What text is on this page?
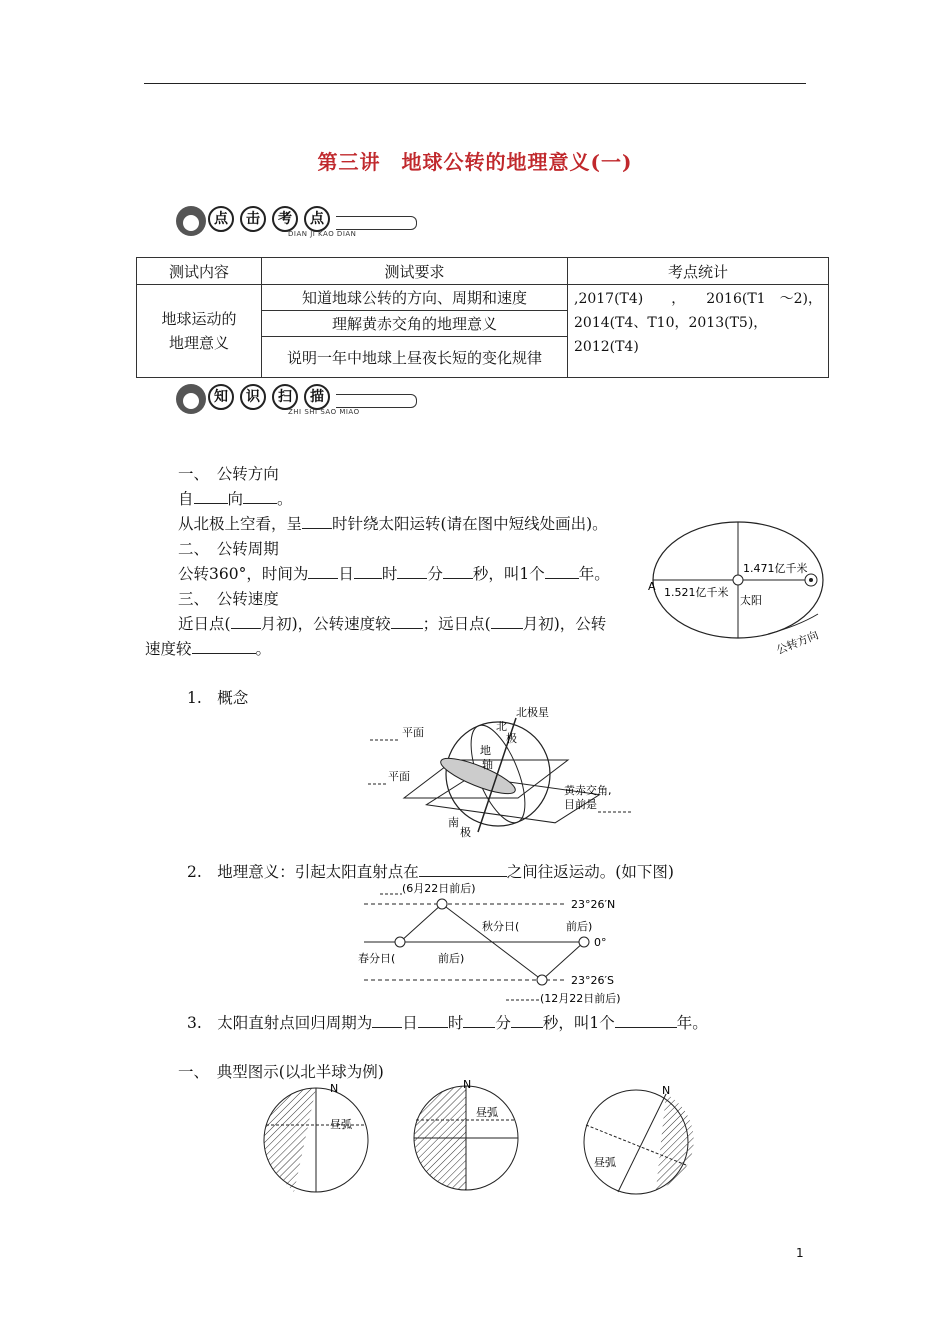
第三讲　地球公转的地理意义(一)
点	击	考	点
DIAN JI KAO DIAN
测试内容	测试要求	考点统计
地球运动的
地理意义	知道地球公转的方向、周期和速度	,2017(T4)　　，　　2016(T1　～2)，2014(T4、T10，2013(T5)，2012(T4)
	理解黄赤交角的地理意义	
	说明一年中地球上昼夜长短的变化规律	
知	识	扫	描
ZHI SHI SAO MIAO
一、　公转方向
自 向 。
从北极上空看，呈 时针绕太阳运转(请在图中短线处画出)。
二、　公转周期
公转360°，时间为 日 时 分 秒，叫1个 年。
三、　公转速度
近日点( 月初)，公转速度较 ；远日点( 月初)，公转
速度较	。
A
1.471亿千米
1.521亿千米
太阳
公转方向
1.　概念
北极星
北
极
平面
平面
地
轴
南
极
黄赤交角,
目前是
2.　地理意义：引起太阳直射点在	之间往返运动。(如下图)
(6月22日前后)
23°26′N
秋分日(	前后)
0°
春分日(	前后)
23°26′S
(12月22日前后)
3.　太阳直射点回归周期为 日 时 分 秒，叫1个	年。
一、　典型图示(以北半球为例)
N
昼弧
N
昼弧
N
昼弧
1
